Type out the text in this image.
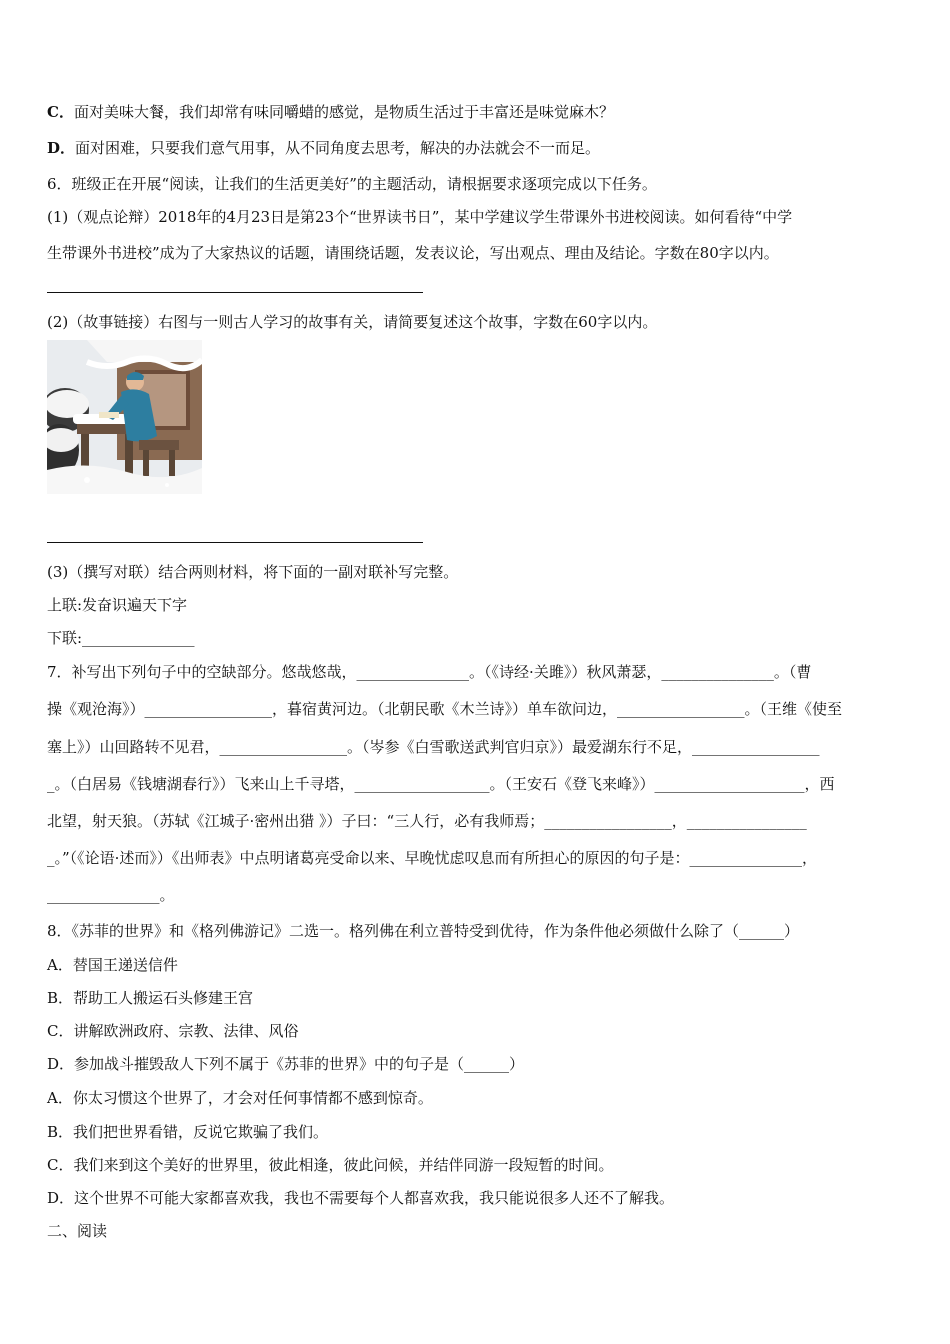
C．面对美味大餐，我们却常有味同嚼蜡的感觉，是物质生活过于丰富还是味觉麻木？
D．面对困难，只要我们意气用事，从不同角度去思考，解决的办法就会不一而足。
6．班级正在开展“阅读，让我们的生活更美好”的主题活动，请根据要求逐项完成以下任务。
(1)（观点论辩）2018年的4月23日是第23个“世界读书日”，某中学建议学生带课外书进校阅读。如何看待“中学
生带课外书进校”成为了大家热议的话题，请围绕话题，发表议论，写出观点、理由及结论。字数在80字以内。
(2)（故事链接）右图与一则古人学习的故事有关，请简要复述这个故事，字数在60字以内。
(3)（撰写对联）结合两则材料，将下面的一副对联补写完整。
上联:发奋识遍天下字
下联:_______________
7．补写出下列句子中的空缺部分。悠哉悠哉，_______________。（《诗经·关雎》）秋风萧瑟，_______________。（曹
操《观沧海》）_________________，暮宿黄河边。（北朝民歌《木兰诗》）单车欲问边，_________________。（王维《使至
塞上》）山回路转不见君，_________________。（岑参《白雪歌送武判官归京》）最爱湖东行不足，_________________
_。（白居易《钱塘湖春行》）飞来山上千寻塔，__________________。（王安石《登飞来峰》）____________________，西
北望，射天狼。（苏轼《江城子·密州出猎 》）子曰：“三人行，必有我师焉；_________________，________________
_。”（《论语·述而》）《出师表》中点明诸葛亮受命以来、早晚忧虑叹息而有所担心的原因的句子是：_______________，
_______________。
8．《苏菲的世界》和《格列佛游记》二选一。格列佛在利立普特受到优待，作为条件他必须做什么除了（______）
A．替国王递送信件
B．帮助工人搬运石头修建王宫
C．讲解欧洲政府、宗教、法律、风俗
D．参加战斗摧毁敌人下列不属于《苏菲的世界》中的句子是（______）
A．你太习惯这个世界了，才会对任何事情都不感到惊奇。
B．我们把世界看错，反说它欺骗了我们。
C．我们来到这个美好的世界里，彼此相逢，彼此问候，并结伴同游一段短暂的时间。
D．这个世界不可能大家都喜欢我，我也不需要每个人都喜欢我，我只能说很多人还不了解我。
二、阅读
